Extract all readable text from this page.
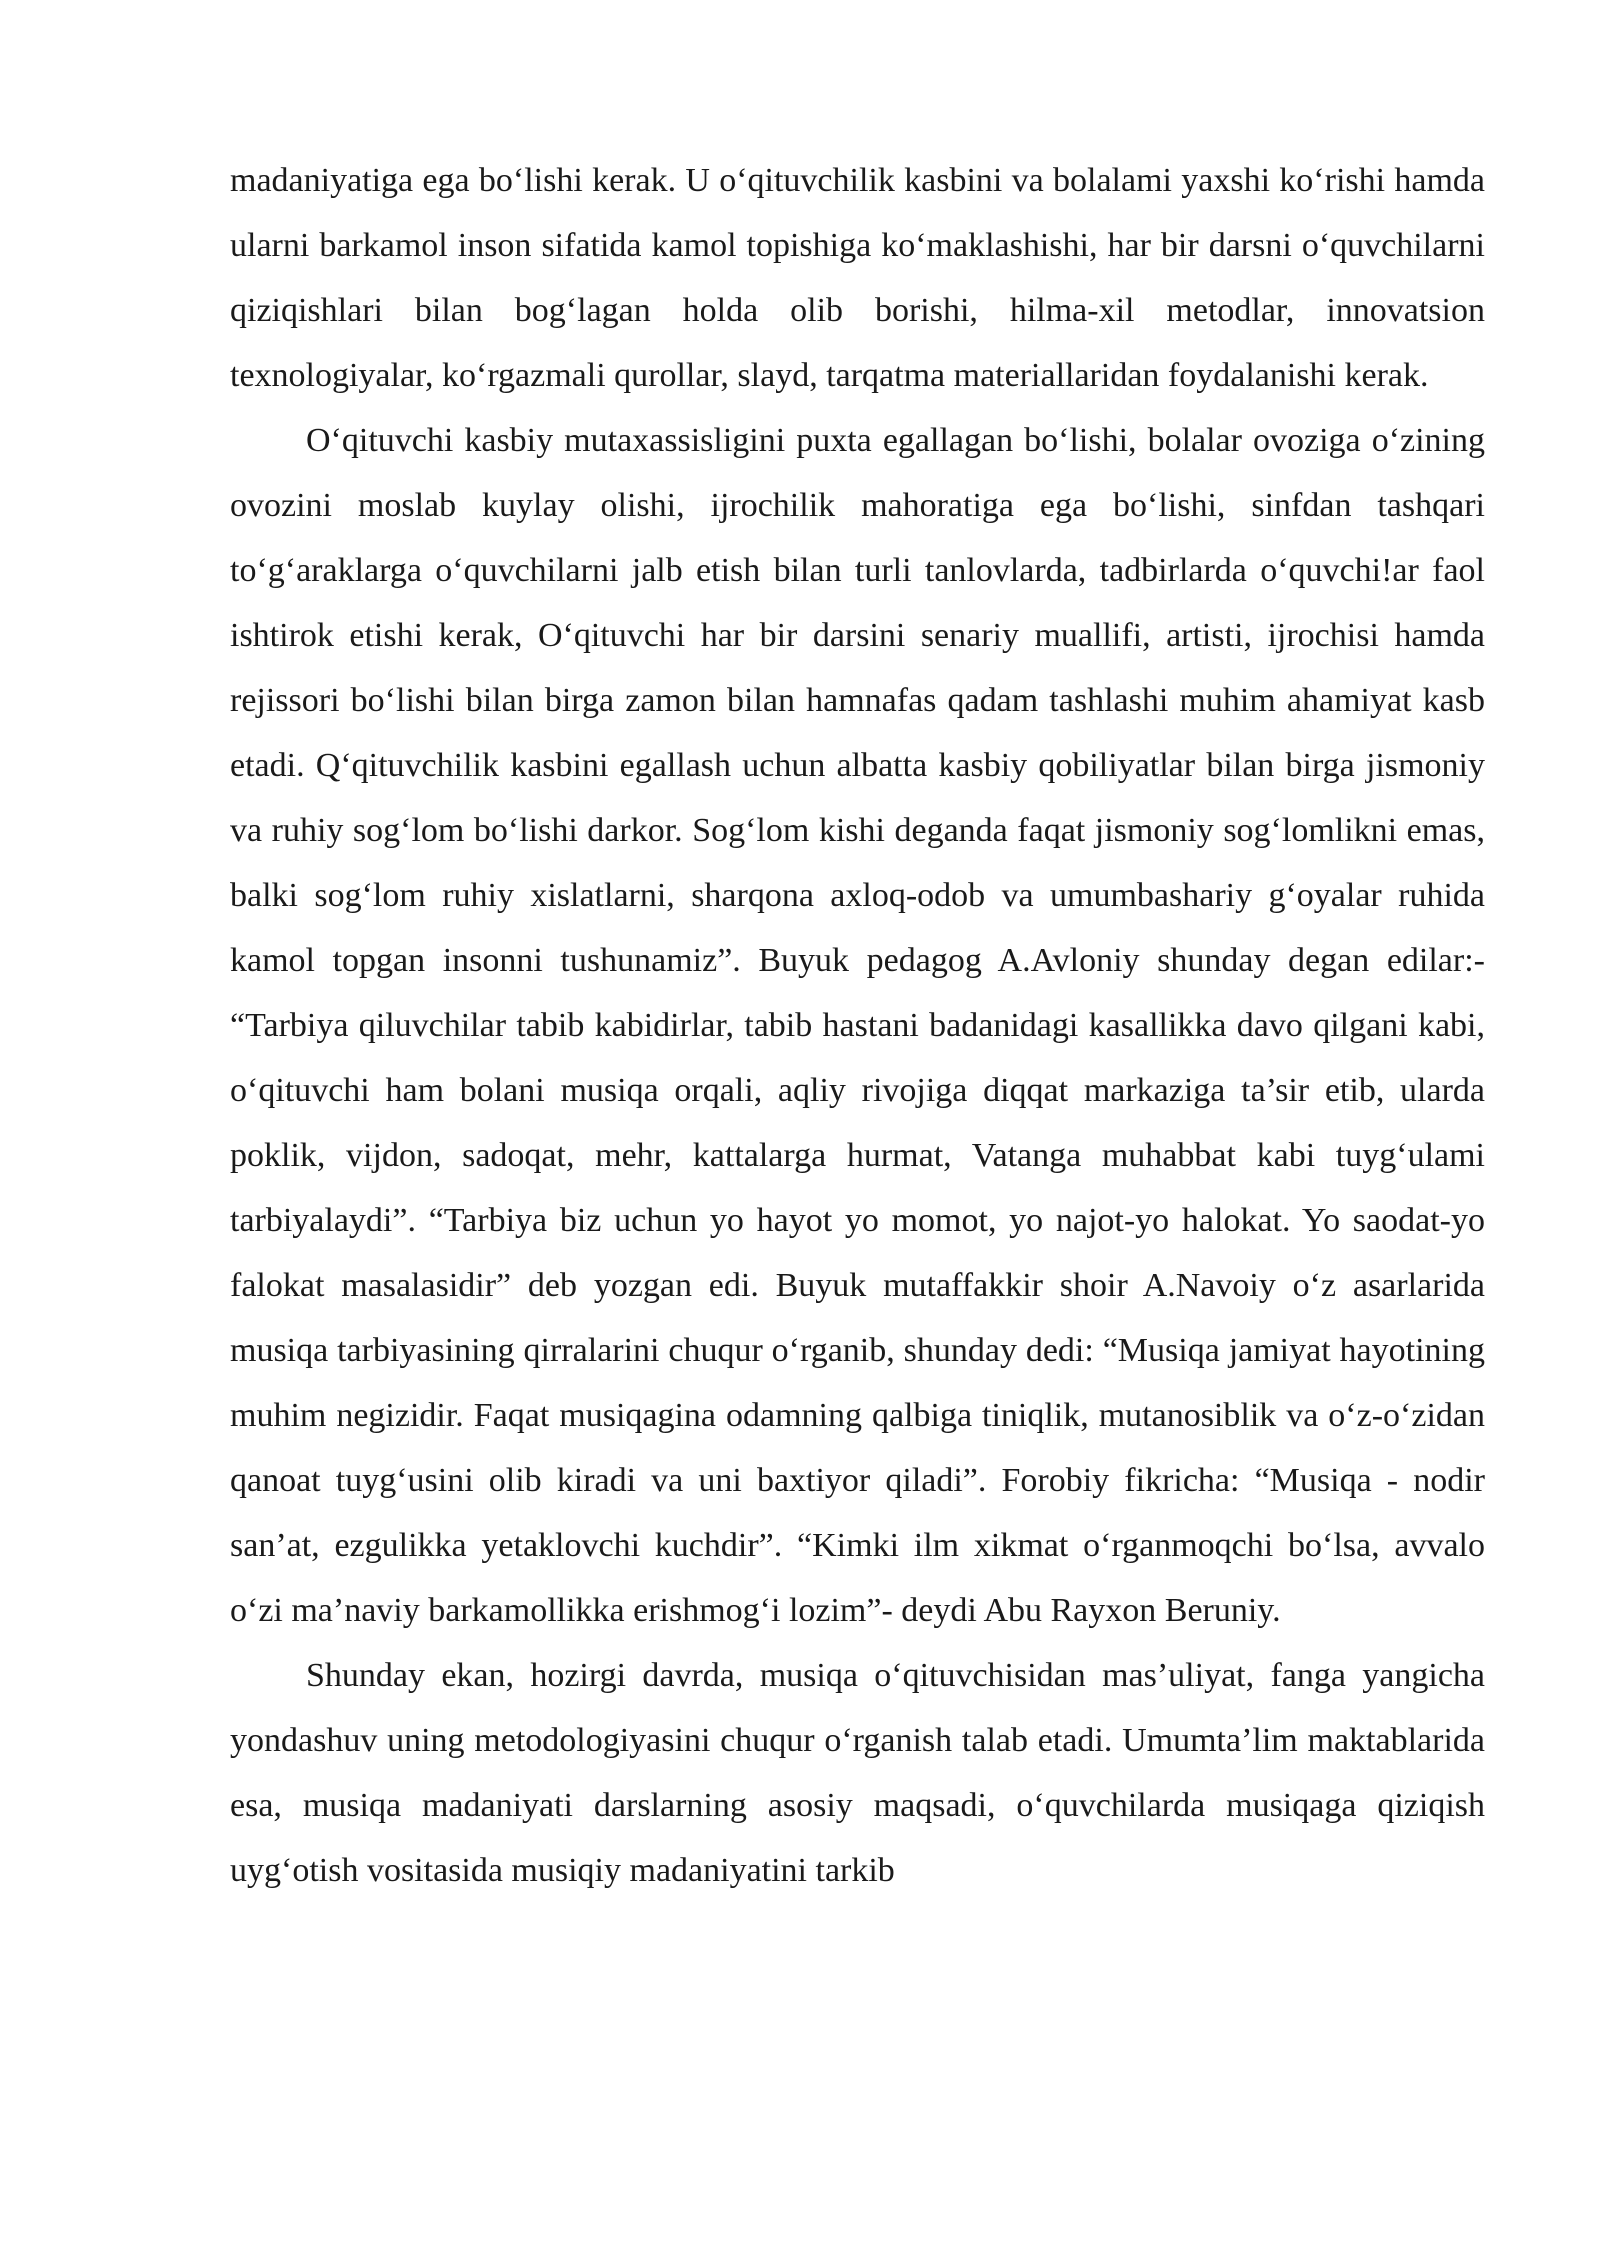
madaniyatiga ega bo‘lishi kerak. U o‘qituvchilik kasbini va bolalami yaxshi ko‘rishi hamda ularni barkamol inson sifatida kamol topishiga ko‘maklashishi, har bir darsni o‘quvchilarni qiziqishlari bilan bog‘lagan holda olib borishi, hilma-xil metodlar, innovatsion texnologiyalar, ko‘rgazmali qurollar, slayd, tarqatma materiallaridan foydalanishi kerak.

O‘qituvchi kasbiy mutaxassisligini puxta egallagan bo‘lishi, bolalar ovoziga o‘zining ovozini moslab kuylay olishi, ijrochilik mahoratiga ega bo‘lishi, sinfdan tashqari to‘g‘araklarga o‘quvchilarni jalb etish bilan turli tanlovlarda, tadbirlarda o‘quvchi!ar faol ishtirok etishi kerak, O‘qituvchi har bir darsini senariy muallifi, artisti, ijrochisi hamda rejissori bo‘lishi bilan birga zamon bilan hamnafas qadam tashlashi muhim ahamiyat kasb etadi. Q‘qituvchilik kasbini egallash uchun albatta kasbiy qobiliyatlar bilan birga jismoniy va ruhiy sog‘lom bo‘lishi darkor. Sog‘lom kishi deganda faqat jismoniy sog‘lomlikni emas, balki sog‘lom ruhiy xislatlarni, sharqona axloq-odob va umumbashariy g‘oyalar ruhida kamol topgan insonni tushunamiz”. Buyuk pedagog A.Avloniy shunday degan edilar:- “Tarbiya qiluvchilar tabib kabidirlar, tabib hastani badanidagi kasallikka davo qilgani kabi, o‘qituvchi ham bolani musiqa orqali, aqliy rivojiga diqqat markaziga ta’sir etib, ularda poklik, vijdon, sadoqat, mehr, kattalarga hurmat, Vatanga muhabbat kabi tuyg‘ulami tarbiyalaydi”. “Tarbiya biz uchun yo hayot yo momot, yo najot-yo halokat. Yo saodat-yo falokat masalasidir” deb yozgan edi. Buyuk mutaffakkir shoir A.Navoiy o‘z asarlarida musiqa tarbiyasining qirralarini chuqur o‘rganib, shunday dedi: “Musiqa jamiyat hayotining muhim negizidir. Faqat musiqagina odamning qalbiga tiniqlik, mutanosiblik va o‘z-o‘zidan qanoat tuyg‘usini olib kiradi va uni baxtiyor qiladi”. Forobiy fikricha: “Musiqa - nodir san’at, ezgulikka yetaklovchi kuchdir”. “Kimki ilm xikmat o‘rganmoqchi bo‘lsa, avvalo o‘zi ma’naviy barkamollikka erishmog‘i lozim”- deydi Abu Rayxon Beruniy.

Shunday ekan, hozirgi davrda, musiqa o‘qituvchisidan mas’uliyat, fanga yangicha yondashuv uning metodologiyasini chuqur o‘rganish talab etadi. Umumta’lim maktablarida esa, musiqa madaniyati darslarning asosiy maqsadi, o‘quvchilarda musiqaga qiziqish uyg‘otish vositasida musiqiy madaniyatini tarkib
